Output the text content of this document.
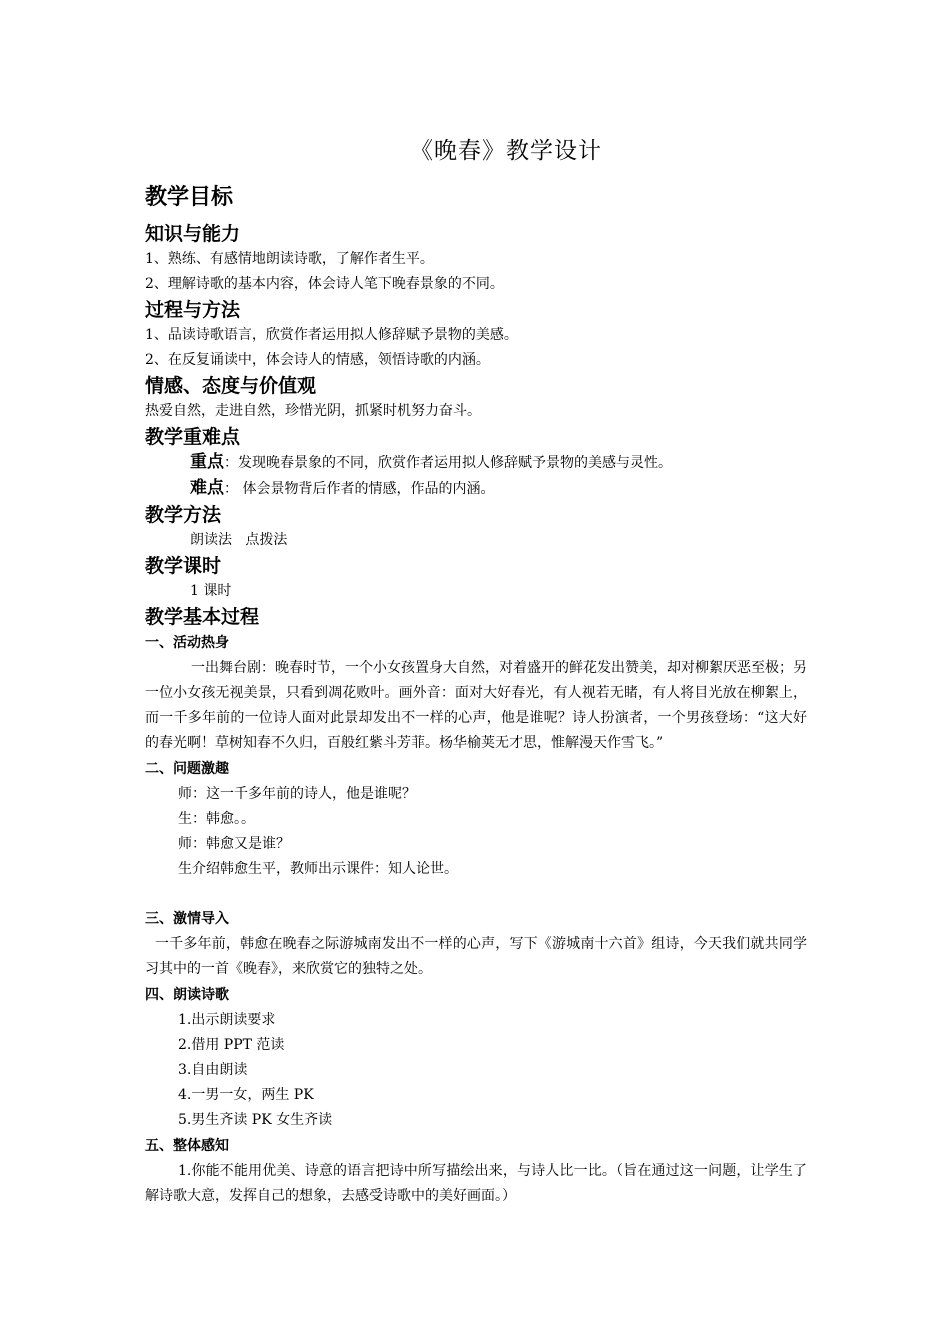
《晚春》教学设计
教学目标
知识与能力
1、熟练、有感情地朗读诗歌，了解作者生平。
2、理解诗歌的基本内容，体会诗人笔下晚春景象的不同。
过程与方法
1、品读诗歌语言，欣赏作者运用拟人修辞赋予景物的美感。
2、在反复诵读中，体会诗人的情感，领悟诗歌的内涵。
情感、态度与价值观
热爱自然，走进自然，珍惜光阴，抓紧时机努力奋斗。
教学重难点
重点：发现晚春景象的不同，欣赏作者运用拟人修辞赋予景物的美感与灵性。
难点： 体会景物背后作者的情感，作品的内涵。
教学方法
朗读法   点拨法
教学课时
1 课时
教学基本过程
一、活动热身
一出舞台剧：晚春时节，一个小女孩置身大自然，对着盛开的鲜花发出赞美，却对柳絮厌恶至极；另一位小女孩无视美景，只看到凋花败叶。画外音：面对大好春光，有人视若无睹，有人将目光放在柳絮上，而一千多年前的一位诗人面对此景却发出不一样的心声，他是谁呢？诗人扮演者，一个男孩登场：“这大好的春光啊！草树知春不久归，百般红紫斗芳菲。杨华榆荚无才思，惟解漫天作雪飞。”
二、问题激趣
师：这一千多年前的诗人，他是谁呢？
生：韩愈。。
师：韩愈又是谁？
生介绍韩愈生平，教师出示课件：知人论世。
三、激情导入
一千多年前，韩愈在晚春之际游城南发出不一样的心声，写下《游城南十六首》组诗，今天我们就共同学习其中的一首《晚春》，来欣赏它的独特之处。
四、朗读诗歌
1.出示朗读要求
2.借用 PPT 范读
3.自由朗读
4.一男一女，两生 PK
5.男生齐读 PK 女生齐读
五、整体感知
1.你能不能用优美、诗意的语言把诗中所写描绘出来，与诗人比一比。（旨在通过这一问题，让学生了解诗歌大意，发挥自己的想象，去感受诗歌中的美好画面。）
